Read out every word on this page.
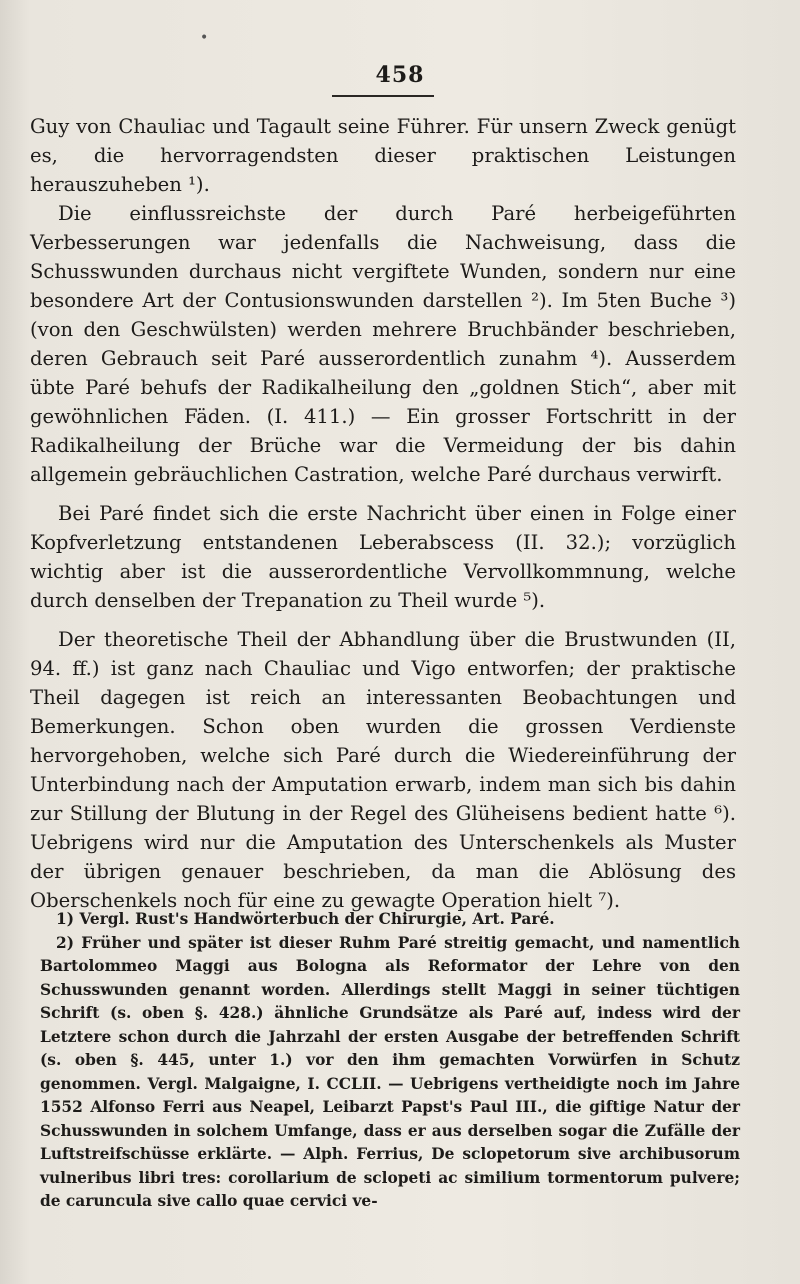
•
458

Guy von Chauliac und Tagault seine Führer. Für unsern Zweck genügt es, die hervorragendsten dieser praktischen Leistungen herauszuheben ¹).

Die einflussreichste der durch Paré herbeigeführten Verbesserungen war jedenfalls die Nachweisung, dass die Schusswunden durchaus nicht vergiftete Wunden, sondern nur eine besondere Art der Contusionswunden darstellen ²). Im 5ten Buche ³) (von den Geschwülsten) werden mehrere Bruchbänder beschrieben, deren Gebrauch seit Paré ausserordentlich zunahm ⁴). Ausserdem übte Paré behufs der Radikalheilung den „goldnen Stich“, aber mit gewöhnlichen Fäden. (I. 411.) — Ein grosser Fortschritt in der Radikalheilung der Brüche war die Vermeidung der bis dahin allgemein gebräuchlichen Castration, welche Paré durchaus verwirft.

Bei Paré findet sich die erste Nachricht über einen in Folge einer Kopfverletzung entstandenen Leberabscess (II. 32.); vorzüglich wichtig aber ist die ausserordentliche Vervollkommnung, welche durch denselben der Trepanation zu Theil wurde ⁵).

Der theoretische Theil der Abhandlung über die Brustwunden (II, 94. ff.) ist ganz nach Chauliac und Vigo entworfen; der praktische Theil dagegen ist reich an interessanten Beobachtungen und Bemerkungen. Schon oben wurden die grossen Verdienste hervorgehoben, welche sich Paré durch die Wiedereinführung der Unterbindung nach der Amputation erwarb, indem man sich bis dahin zur Stillung der Blutung in der Regel des Glüheisens bedient hatte ⁶). Uebrigens wird nur die Amputation des Unterschenkels als Muster der übrigen genauer beschrieben, da man die Ablösung des Oberschenkels noch für eine zu gewagte Operation hielt ⁷).

1) Vergl. Rust's Handwörterbuch der Chirurgie, Art. Paré.

2) Früher und später ist dieser Ruhm Paré streitig gemacht, und namentlich Bartolommeo Maggi aus Bologna als Reformator der Lehre von den Schusswunden genannt worden. Allerdings stellt Maggi in seiner tüchtigen Schrift (s. oben §. 428.) ähnliche Grundsätze als Paré auf, indess wird der Letztere schon durch die Jahrzahl der ersten Ausgabe der betreffenden Schrift (s. oben §. 445, unter 1.) vor den ihm gemachten Vorwürfen in Schutz genommen. Vergl. Malgaigne, I. CCLII. — Uebrigens vertheidigte noch im Jahre 1552 Alfonso Ferri aus Neapel, Leibarzt Papst's Paul III., die giftige Natur der Schusswunden in solchem Umfange, dass er aus derselben sogar die Zufälle der Luftstreifschüsse erklärte. — Alph. Ferrius, De sclopetorum sive archibusorum vulneribus libri tres: corollarium de sclopeti ac similium tormentorum pulvere; de caruncula sive callo quae cervici ve-
